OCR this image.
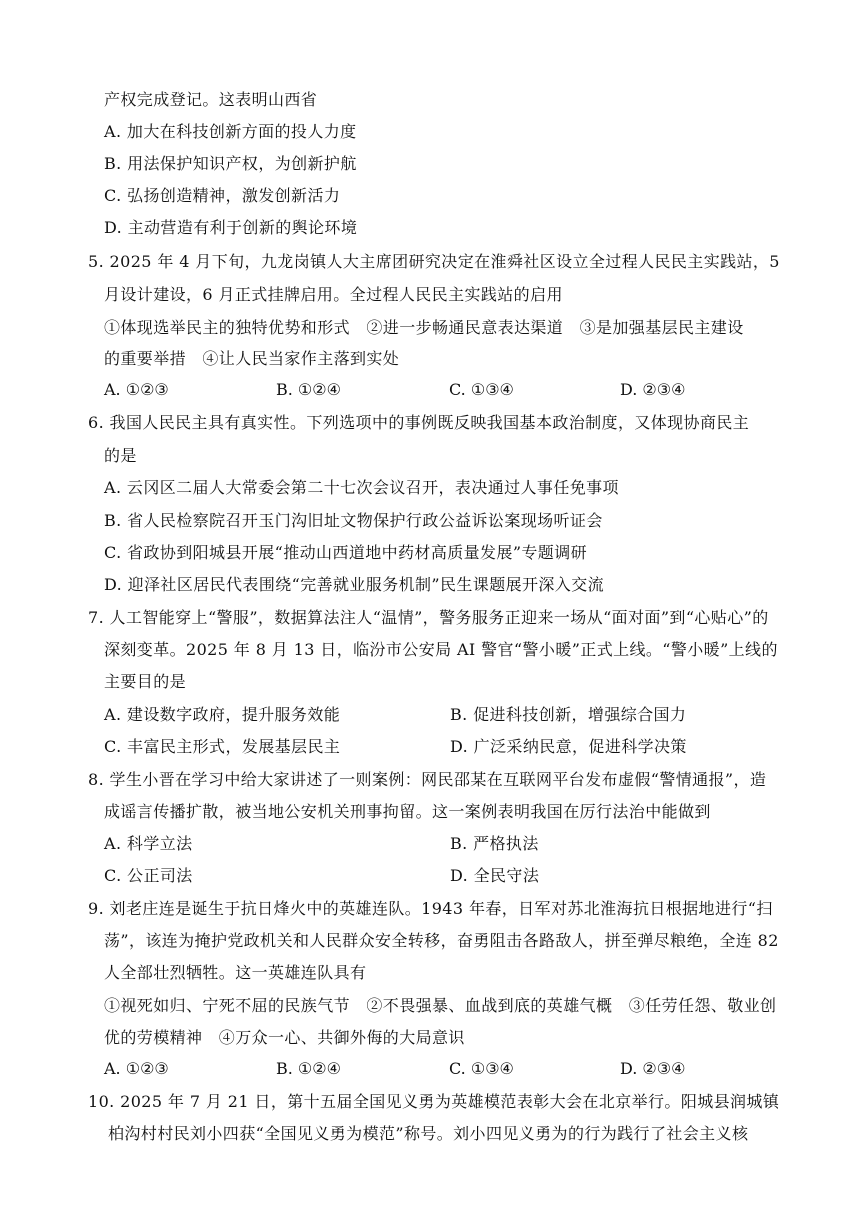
产权完成登记。这表明山西省
A. 加大在科技创新方面的投人力度
B. 用法保护知识产权，为创新护航
C. 弘扬创造精神，激发创新活力
D. 主动营造有利于创新的舆论环境
5. 2025 年 4 月下旬，九龙岗镇人大主席团研究决定在淮舜社区设立全过程人民民主实践站，5
月设计建设，6 月正式挂牌启用。全过程人民民主实践站的启用
①体现选举民主的独特优势和形式　②进一步畅通民意表达渠道　③是加强基层民主建设
的重要举措　④让人民当家作主落到实处
A. ①②③	B. ①②④	C. ①③④	D. ②③④
6. 我国人民民主具有真实性。下列选项中的事例既反映我国基本政治制度，又体现协商民主
的是
A. 云冈区二届人大常委会第二十七次会议召开，表决通过人事任免事项
B. 省人民检察院召开玉门沟旧址文物保护行政公益诉讼案现场听证会
C. 省政协到阳城县开展“推动山西道地中药材高质量发展”专题调研
D. 迎泽社区居民代表围绕“完善就业服务机制”民生课题展开深入交流
7. 人工智能穿上“警服”，数据算法注人“温情”，警务服务正迎来一场从“面对面”到“心贴心”的
深刻变革。2025 年 8 月 13 日，临汾市公安局 AI 警官“警小暖”正式上线。“警小暖”上线的
主要目的是
A. 建设数字政府，提升服务效能	B. 促进科技创新，增强综合国力
C. 丰富民主形式，发展基层民主	D. 广泛采纳民意，促进科学决策
8. 学生小晋在学习中给大家讲述了一则案例：网民邵某在互联网平台发布虚假“警情通报”，造
成谣言传播扩散，被当地公安机关刑事拘留。这一案例表明我国在厉行法治中能做到
A. 科学立法	B. 严格执法
C. 公正司法	D. 全民守法
9. 刘老庄连是诞生于抗日烽火中的英雄连队。1943 年春，日军对苏北淮海抗日根据地进行“扫
荡”，该连为掩护党政机关和人民群众安全转移，奋勇阻击各路敌人，拼至弹尽粮绝，全连 82
人全部壮烈牺牲。这一英雄连队具有
①视死如归、宁死不屈的民族气节　②不畏强暴、血战到底的英雄气概　③任劳任怨、敬业创
优的劳模精神　④万众一心、共御外侮的大局意识
A. ①②③	B. ①②④	C. ①③④	D. ②③④
10. 2025 年 7 月 21 日，第十五届全国见义勇为英雄模范表彰大会在北京举行。阳城县润城镇
柏沟村村民刘小四获“全国见义勇为模范”称号。刘小四见义勇为的行为践行了社会主义核
